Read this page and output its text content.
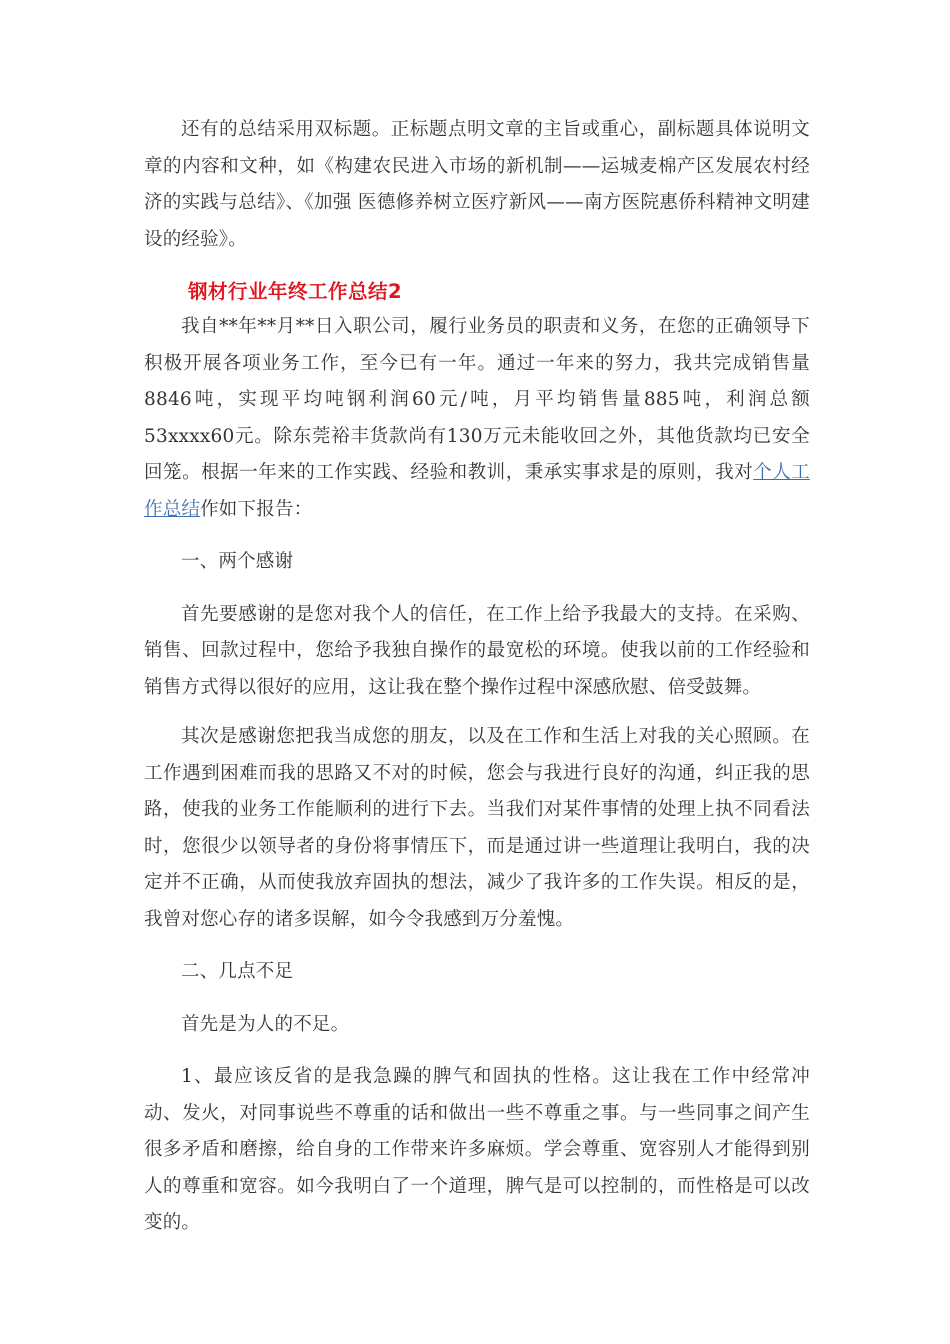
还有的总结采用双标题。正标题点明文章的主旨或重心，副标题具体说明文章的内容和文种，如《构建农民进入市场的新机制——运城麦棉产区发展农村经济的实践与总结》、《加强 医德修养树立医疗新风——南方医院惠侨科精神文明建设的经验》。

钢材行业年终工作总结2

我自**年**月**日入职公司，履行业务员的职责和义务，在您的正确领导下积极开展各项业务工作，至今已有一年。通过一年来的努力，我共完成销售量8846吨，实现平均吨钢利润60元/吨，月平均销售量885吨，利润总额53xxxx60元。除东莞裕丰货款尚有130万元未能收回之外，其他货款均已安全回笼。根据一年来的工作实践、经验和教训，秉承实事求是的原则，我对个人工作总结作如下报告：

一、两个感谢

首先要感谢的是您对我个人的信任，在工作上给予我最大的支持。在采购、销售、回款过程中，您给予我独自操作的最宽松的环境。使我以前的工作经验和销售方式得以很好的应用，这让我在整个操作过程中深感欣慰、倍受鼓舞。

其次是感谢您把我当成您的朋友，以及在工作和生活上对我的关心照顾。在工作遇到困难而我的思路又不对的时候，您会与我进行良好的沟通，纠正我的思路，使我的业务工作能顺利的进行下去。当我们对某件事情的处理上执不同看法时，您很少以领导者的身份将事情压下，而是通过讲一些道理让我明白，我的决定并不正确，从而使我放弃固执的想法，减少了我许多的工作失误。相反的是，我曾对您心存的诸多误解，如今令我感到万分羞愧。

二、几点不足

首先是为人的不足。

1、最应该反省的是我急躁的脾气和固执的性格。这让我在工作中经常冲动、发火，对同事说些不尊重的话和做出一些不尊重之事。与一些同事之间产生很多矛盾和磨擦，给自身的工作带来许多麻烦。学会尊重、宽容别人才能得到别人的尊重和宽容。如今我明白了一个道理，脾气是可以控制的，而性格是可以改变的。
